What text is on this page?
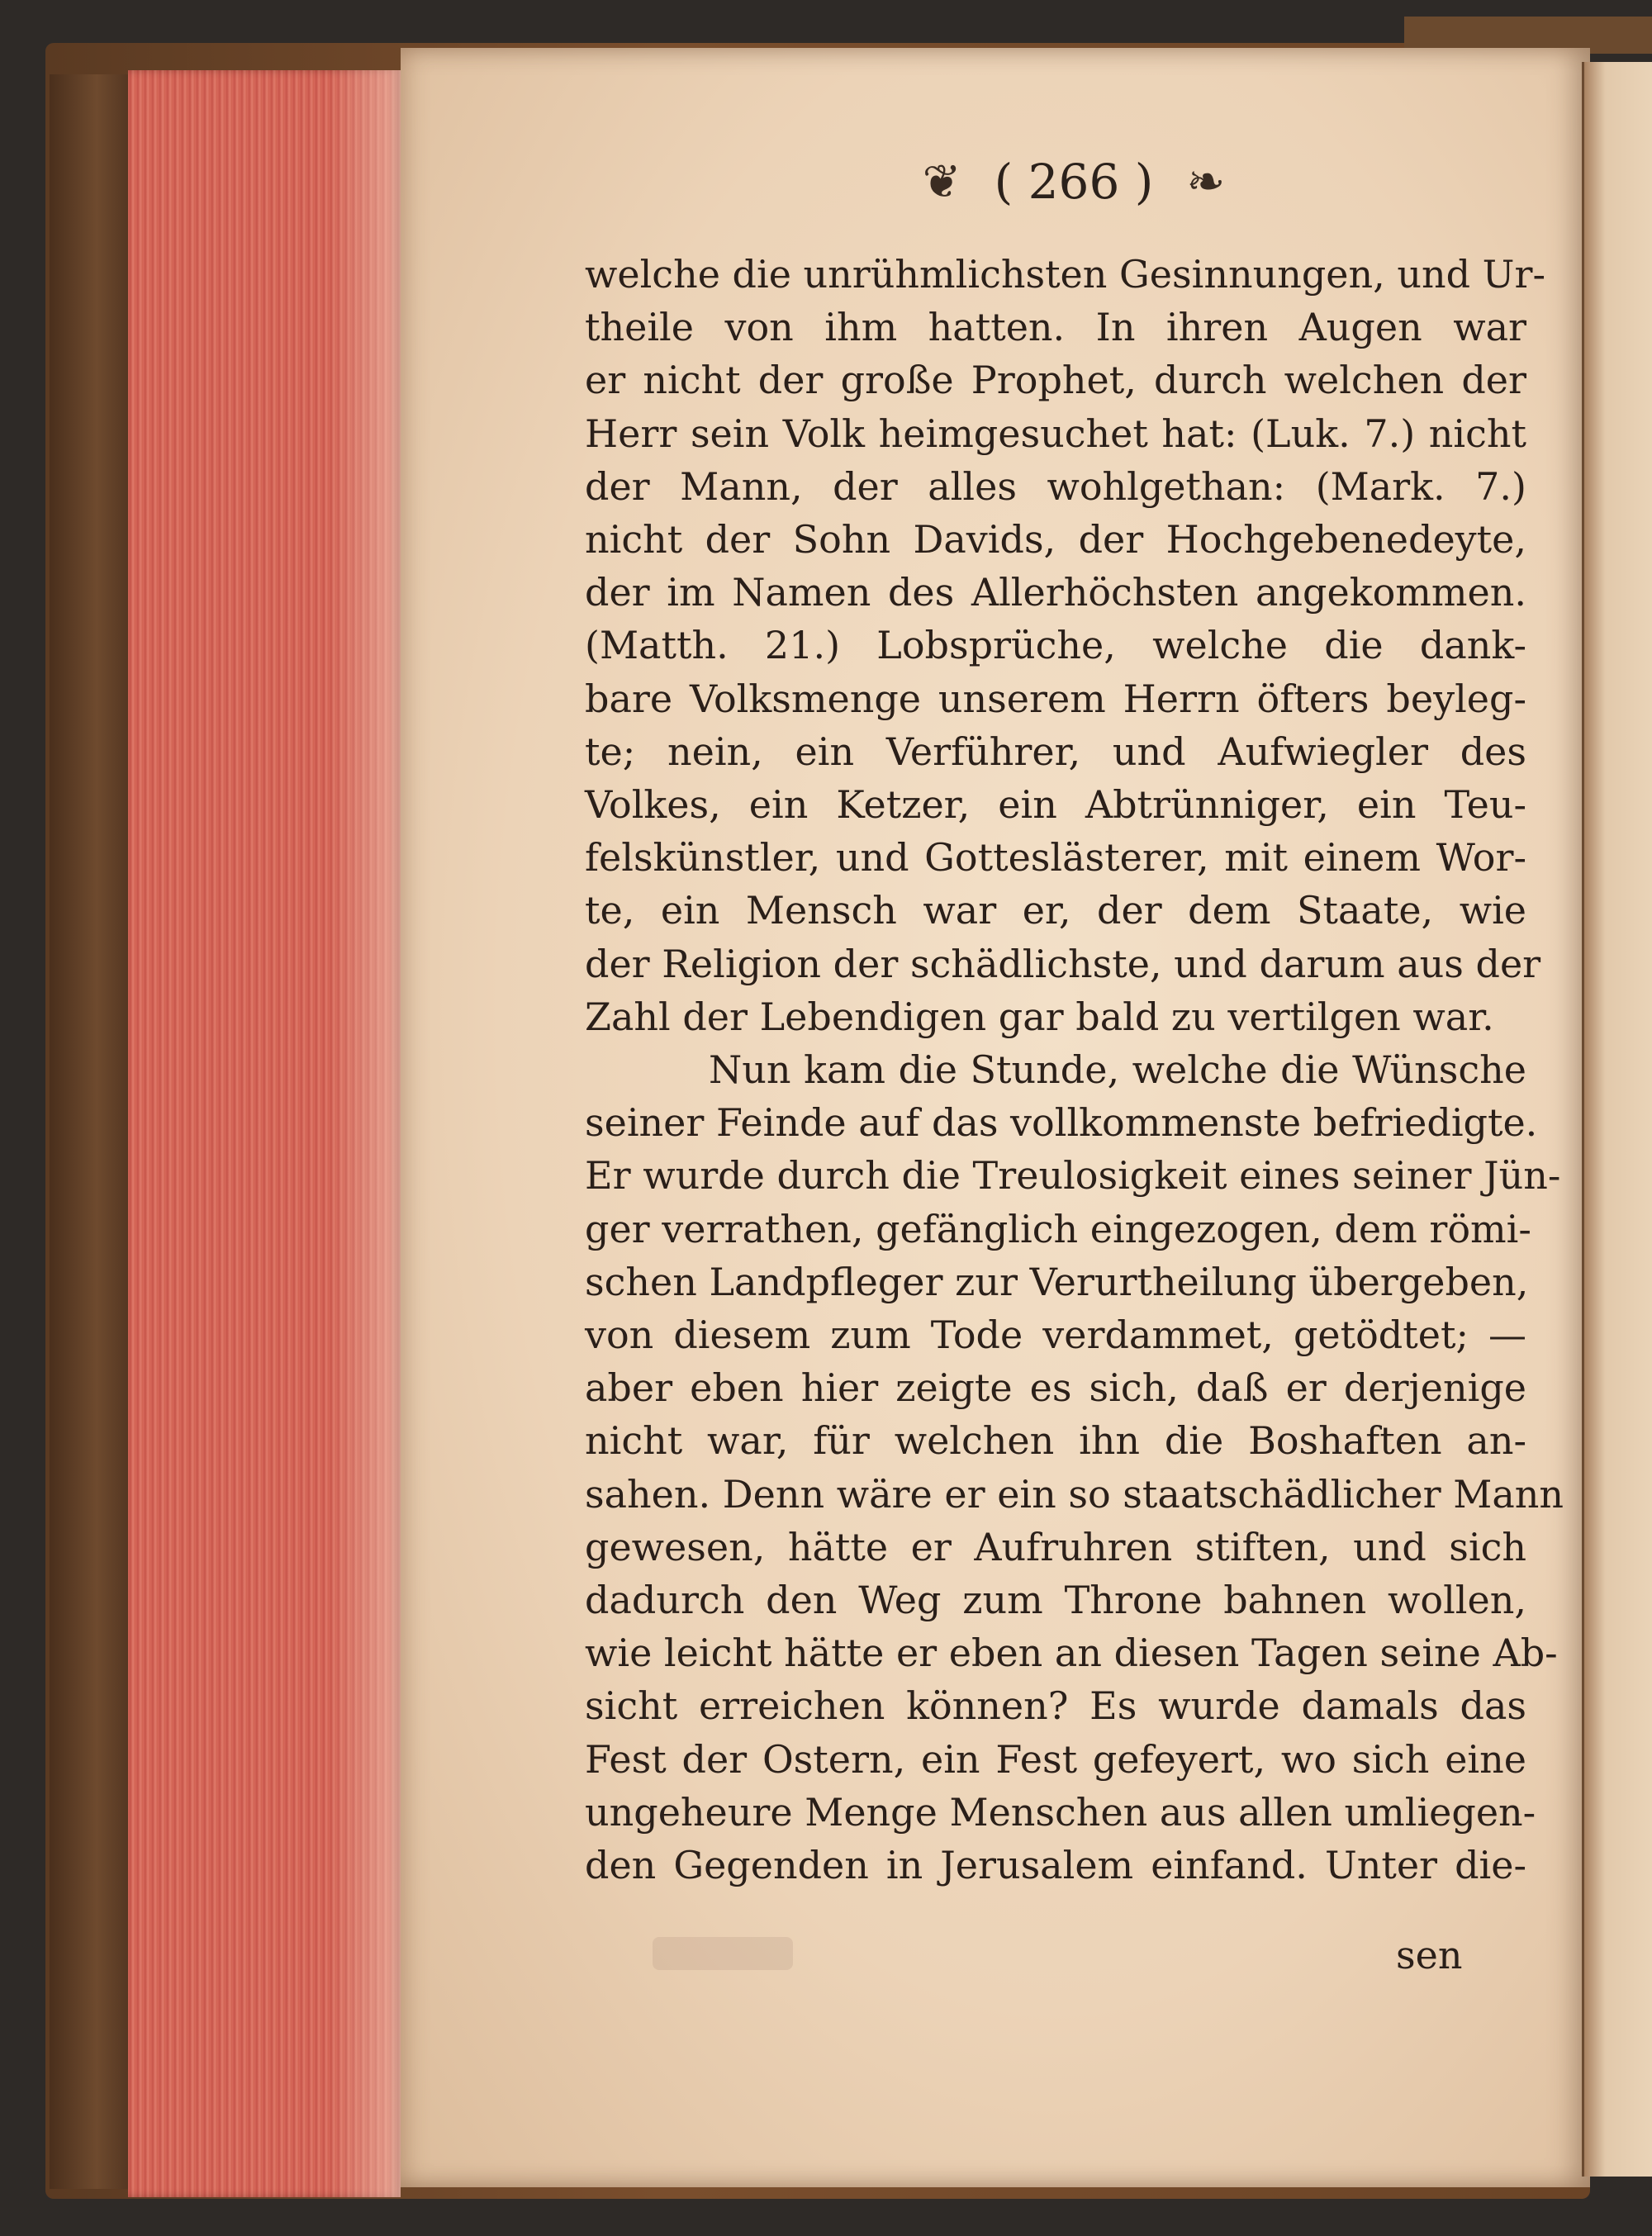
❦ ( 266 ) ❧
welche die unrühmlichsten Gesinnungen, und Ur-
theile von ihm hatten. In ihren Augen war
er nicht der große Prophet, durch welchen der
Herr sein Volk heimgesuchet hat: (Luk. 7.) nicht
der Mann, der alles wohlgethan: (Mark. 7.)
nicht der Sohn Davids, der Hochgebenedeyte,
der im Namen des Allerhöchsten angekommen.
(Matth. 21.) Lobsprüche, welche die dank-
bare Volksmenge unserem Herrn öfters beyleg-
te; nein, ein Verführer, und Aufwiegler des
Volkes, ein Ketzer, ein Abtrünniger, ein Teu-
felskünstler, und Gotteslästerer, mit einem Wor-
te, ein Mensch war er, der dem Staate, wie
der Religion der schädlichste, und darum aus der
Zahl der Lebendigen gar bald zu vertilgen war.
Nun kam die Stunde, welche die Wünsche
seiner Feinde auf das vollkommenste befriedigte.
Er wurde durch die Treulosigkeit eines seiner Jün-
ger verrathen, gefänglich eingezogen, dem römi-
schen Landpfleger zur Verurtheilung übergeben,
von diesem zum Tode verdammet, getödtet; —
aber eben hier zeigte es sich, daß er derjenige
nicht war, für welchen ihn die Boshaften an-
sahen. Denn wäre er ein so staatschädlicher Mann
gewesen, hätte er Aufruhren stiften, und sich
dadurch den Weg zum Throne bahnen wollen,
wie leicht hätte er eben an diesen Tagen seine Ab-
sicht erreichen können? Es wurde damals das
Fest der Ostern, ein Fest gefeyert, wo sich eine
ungeheure Menge Menschen aus allen umliegen-
den Gegenden in Jerusalem einfand. Unter die-
sen
